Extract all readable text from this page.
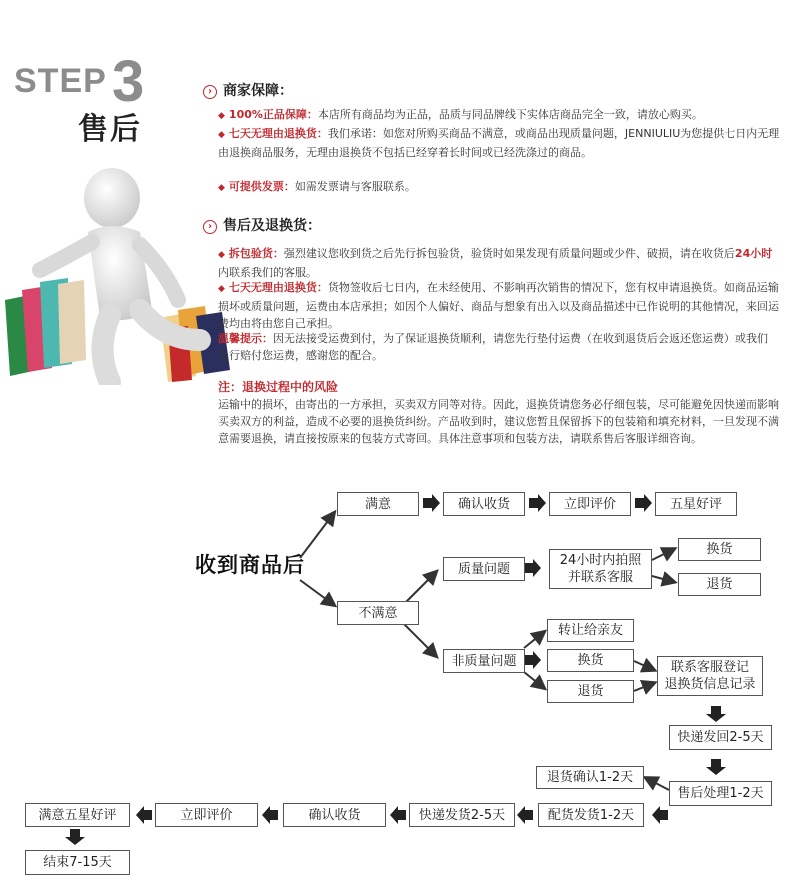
STEP 3
售后
› 商家保障：
◆ 100%正品保障：本店所有商品均为正品，品质与同品牌线下实体店商品完全一致，请放心购买。
◆ 七天无理由退换货：我们承诺：如您对所购买商品不满意，或商品出现质量问题，JENNIULIU为您提供七日内无理由退换商品服务，无理由退换货不包括已经穿着长时间或已经洗涤过的商品。
◆ 可提供发票：如需发票请与客服联系。
› 售后及退换货：
◆ 拆包验货：强烈建议您收到货之后先行拆包验货，验货时如果发现有质量问题或少件、破损，请在收货后24小时内联系我们的客服。
◆ 七天无理由退换货：货物签收后七日内，在未经使用、不影响再次销售的情况下，您有权申请退换货。如商品运输损坏或质量问题，运费由本店承担；如因个人偏好、商品与想象有出入以及商品描述中已作说明的其他情况，来回运费均由将由您自己承担。
温馨提示：因无法接受运费到付，为了保证退换货顺利，请您先行垫付运费（在收到退货后会返还您运费）或我们先行赔付您运费，感谢您的配合。
注：退换过程中的风险
运输中的损坏，由寄出的一方承担，买卖双方同等对待。因此，退换货请您务必仔细包装，尽可能避免因快递而影响买卖双方的利益，造成不必要的退换货纠纷。产品收到时，建议您暂且保留拆下的包装箱和填充材料，一旦发现不满意需要退换，请直接按原来的包装方式寄回。具体注意事项和包装方法，请联系售后客服详细咨询。
收到商品后
满意	确认收货	立即评价	五星好评
不满意
质量问题
24小时内拍照
并联系客服
换货
退货
非质量问题
转让给亲友
换货
退货
联系客服登记
退换货信息记录
快递发回2-5天
售后处理1-2天
退货确认1-2天
配货发货1-2天
快递发货2-5天
确认收货
立即评价
满意五星好评
结束7-15天
